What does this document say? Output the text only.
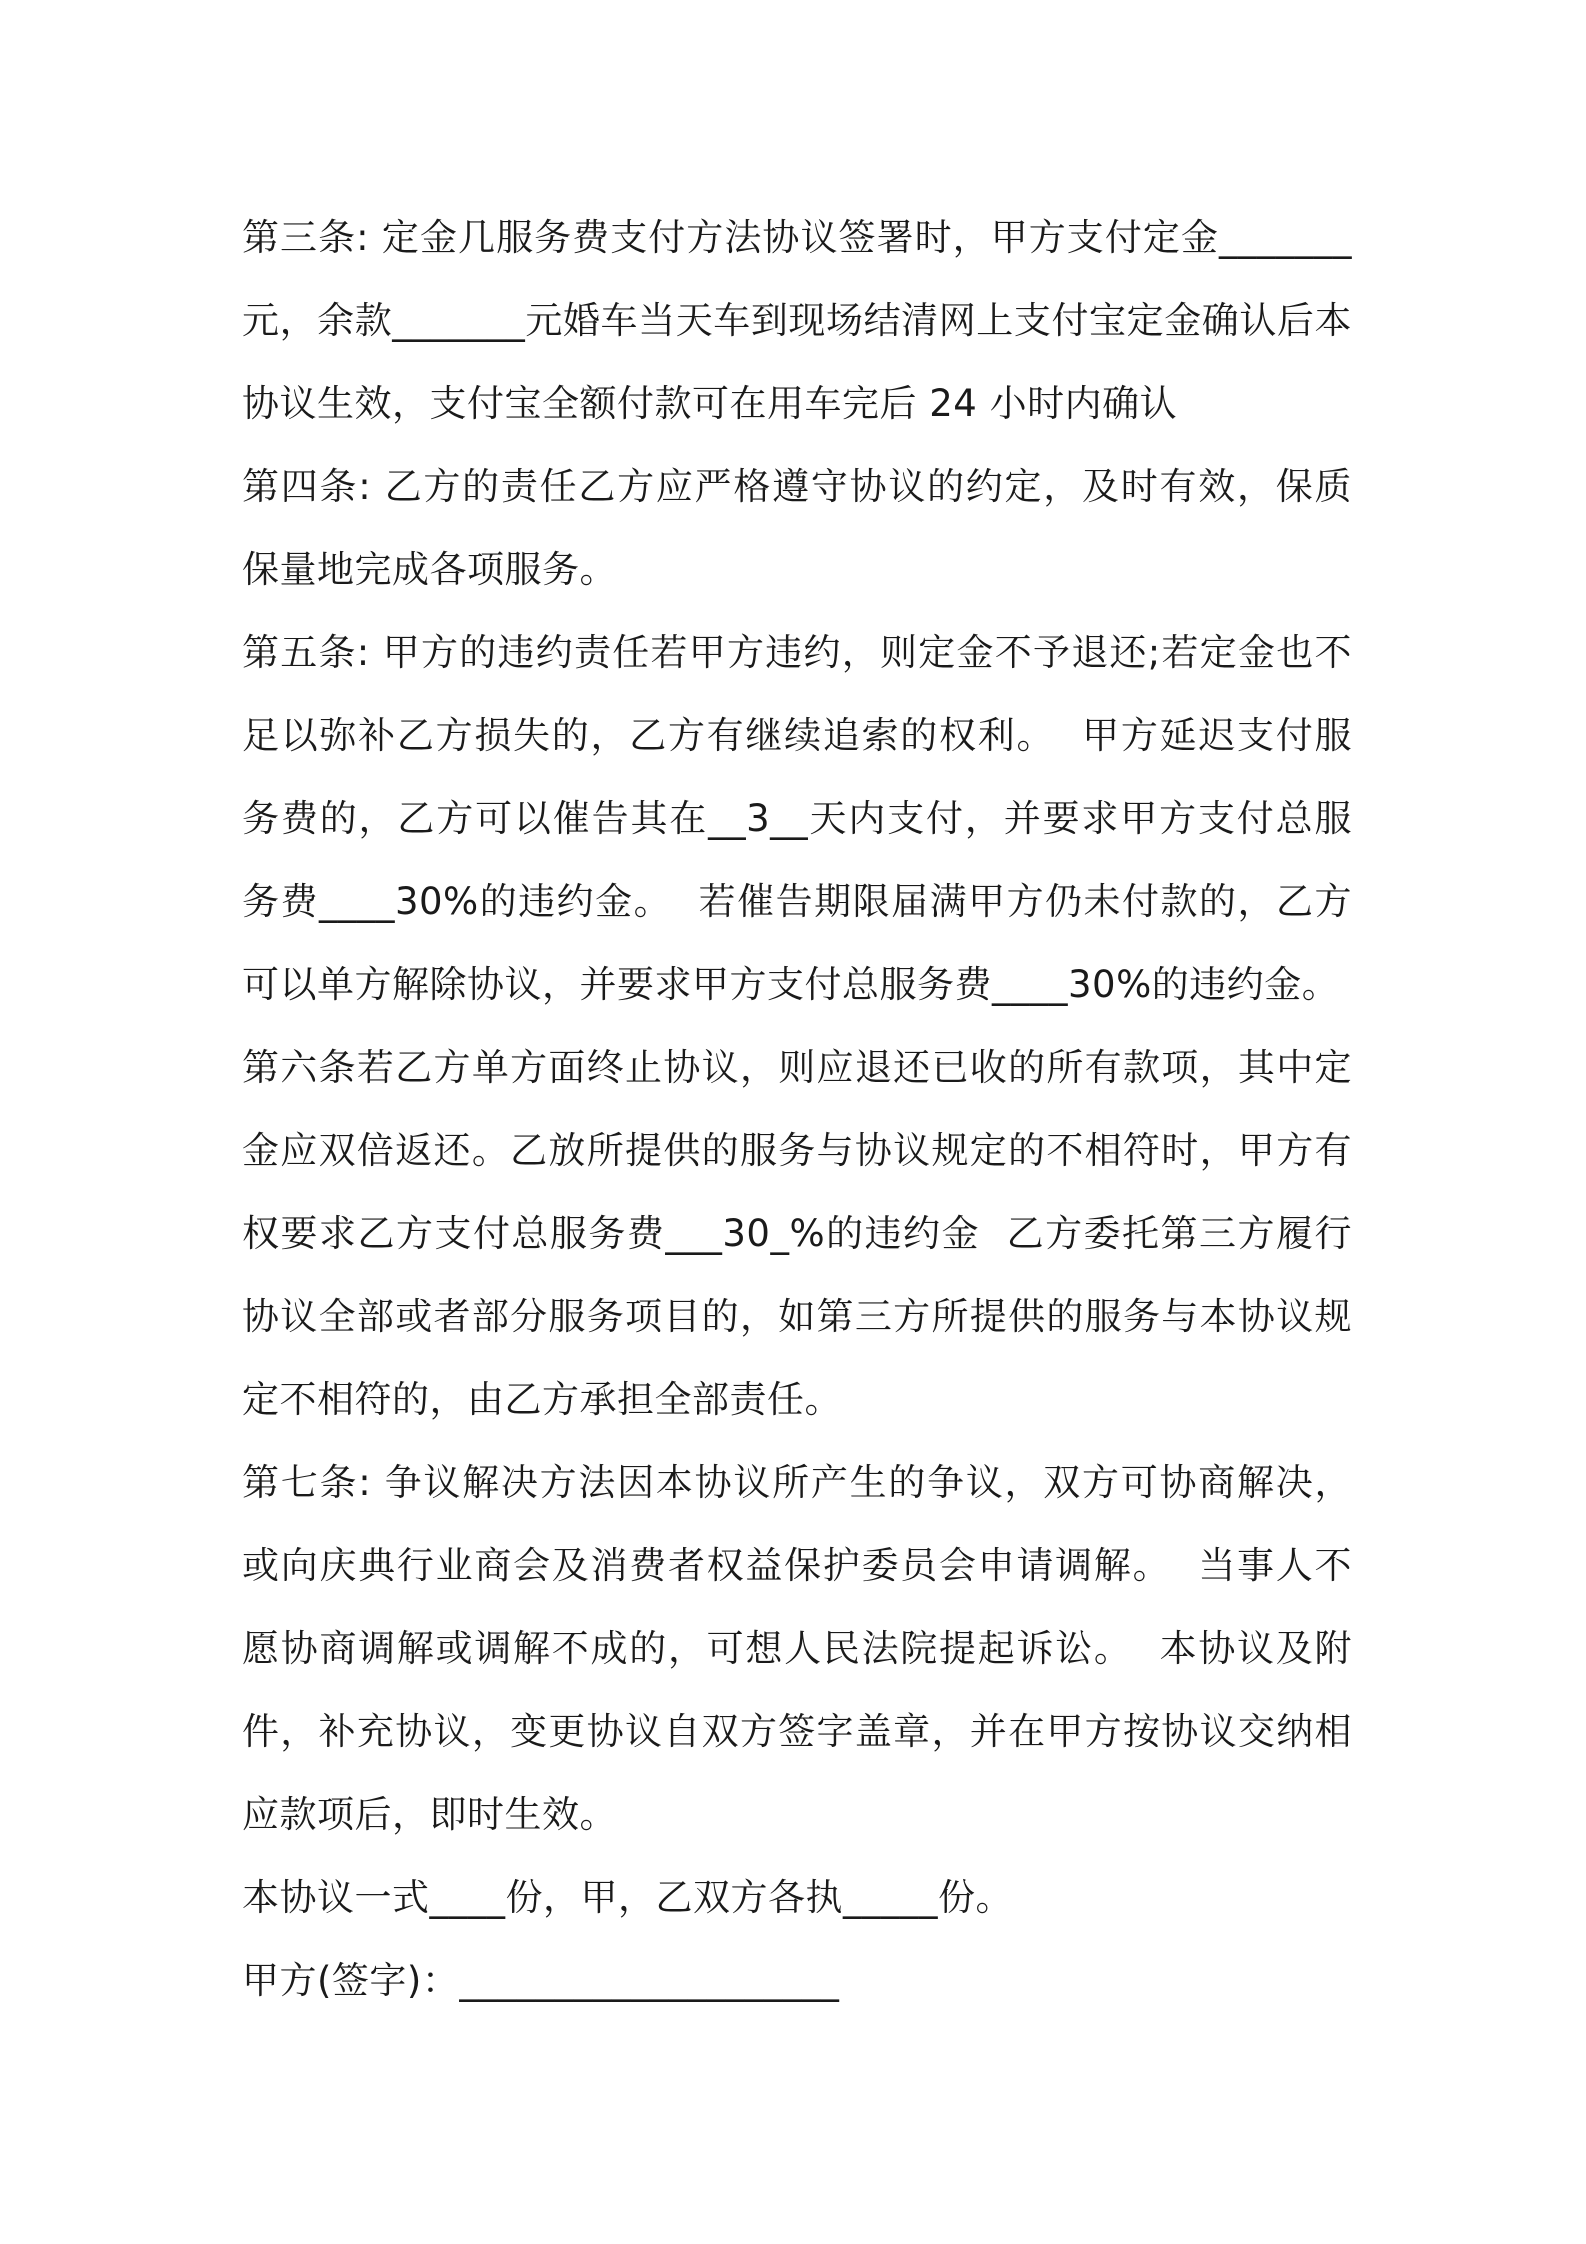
第三条: 定金几服务费支付方法协议签署时，甲方支付定金_______元，余款_______元婚车当天车到现场结清网上支付宝定金确认后本协议生效，支付宝全额付款可在用车完后 24 小时内确认

第四条: 乙方的责任乙方应严格遵守协议的约定，及时有效，保质保量地完成各项服务。

第五条: 甲方的违约责任若甲方违约，则定金不予退还;若定金也不足以弥补乙方损失的，乙方有继续追索的权利。  甲方延迟支付服务费的，乙方可以催告其在__3__天内支付，并要求甲方支付总服务费____30%的违约金。  若催告期限届满甲方仍未付款的，乙方可以单方解除协议，并要求甲方支付总服务费____30%的违约金。

第六条若乙方单方面终止协议，则应退还已收的所有款项，其中定金应双倍返还。乙放所提供的服务与协议规定的不相符时，甲方有权要求乙方支付总服务费___30_%的违约金  乙方委托第三方履行协议全部或者部分服务项目的，如第三方所提供的服务与本协议规定不相符的，由乙方承担全部责任。

第七条: 争议解决方法因本协议所产生的争议，双方可协商解决，或向庆典行业商会及消费者权益保护委员会申请调解。  当事人不愿协商调解或调解不成的，可想人民法院提起诉讼。  本协议及附件，补充协议，变更协议自双方签字盖章，并在甲方按协议交纳相应款项后，即时生效。

本协议一式____份，甲，乙双方各执_____份。

甲方(签字)：____________________
